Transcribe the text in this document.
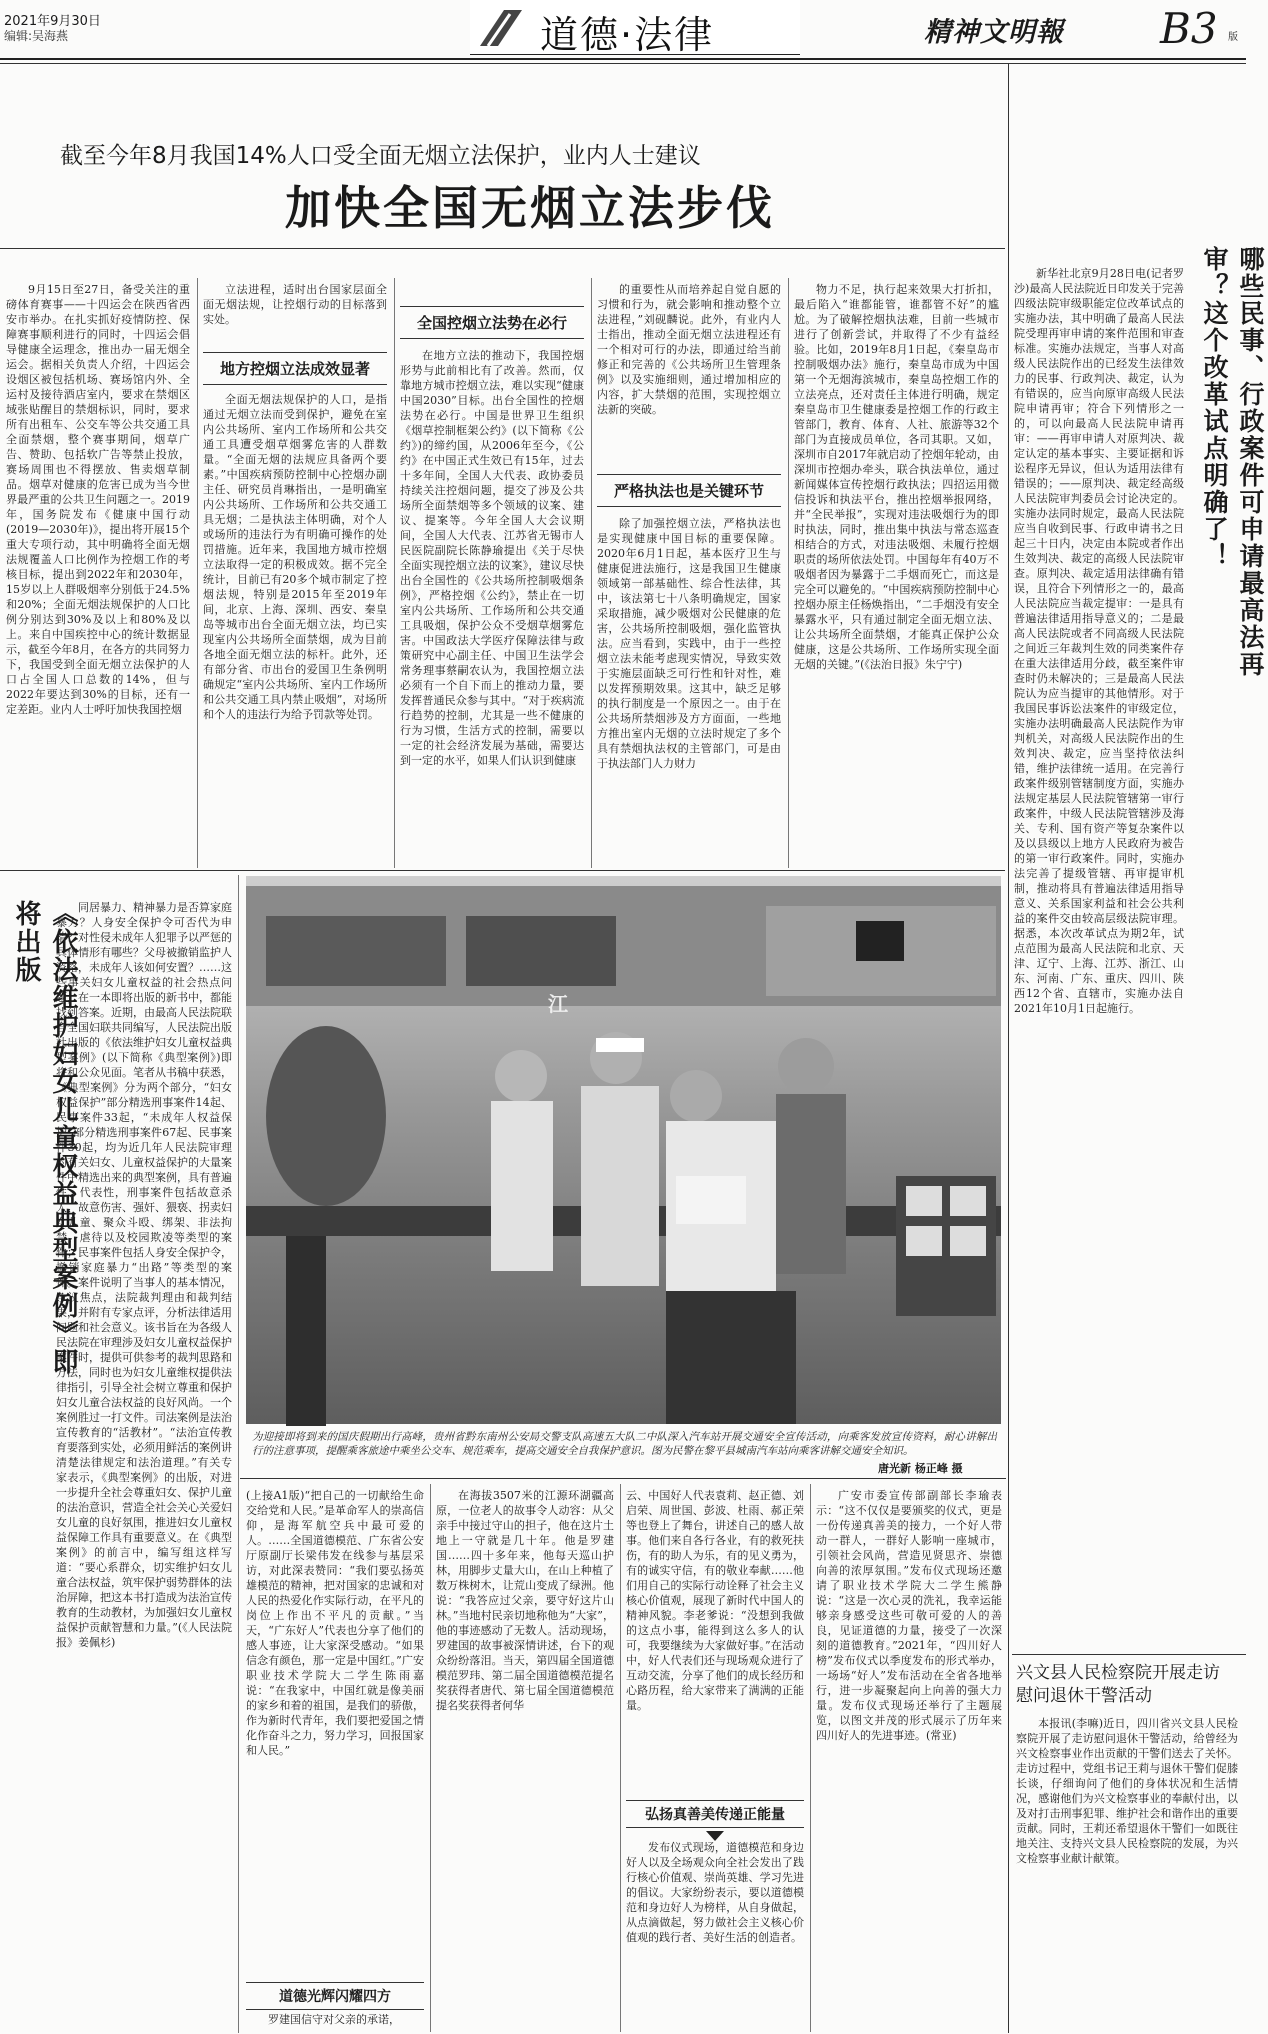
2021年9月30日
编辑:吴海燕	道德·法律	精神文明報 B3 版
截至今年8月我国14%人口受全面无烟立法保护，业内人士建议
加快全国无烟立法步伐
9月15日至27日，备受关注的重磅体育赛事——十四运会在陕西省西安市举办。在扎实抓好疫情防控、保障赛事顺利进行的同时，十四运会倡导健康全运理念，推出办一届无烟全运会。据相关负责人介绍，十四运会设烟区被包括机场、赛场馆内外、全运村及接待酒店室内，要求在禁烟区域张贴醒目的禁烟标识，同时，要求所有出租车、公交车等公共交通工具全面禁烟，整个赛事期间，烟草广告、赞助、包括软广告等禁止投放，赛场周围也不得摆放、售卖烟草制品。烟草对健康的危害已成为当今世界最严重的公共卫生问题之一。2019年，国务院发布《健康中国行动(2019—2030年)》，提出将开展15个重大专项行动，其中明确将全面无烟法规覆盖人口比例作为控烟工作的考核目标，提出到2022年和2030年，15岁以上人群吸烟率分别低于24.5%和20%；全面无烟法规保护的人口比例分别达到30%及以上和80%及以上。来自中国疾控中心的统计数据显示，截至今年8月，在各方的共同努力下，我国受到全面无烟立法保护的人口占全国人口总数的14%，但与2022年要达到30%的目标，还有一定差距。业内人士呼吁加快我国控烟
立法进程，适时出台国家层面全面无烟法规，让控烟行动的目标落到实处。
地方控烟立法成效显著
全面无烟法规保护的人口，是指通过无烟立法而受到保护，避免在室内公共场所、室内工作场所和公共交通工具遭受烟草烟雾危害的人群数量。“全面无烟的法规应具备两个要素。”中国疾病预防控制中心控烟办副主任、研究员肖琳指出，一是明确室内公共场所、工作场所和公共交通工具无烟；二是执法主体明确，对个人或场所的违法行为有明确可操作的处罚措施。近年来，我国地方城市控烟立法取得一定的积极成效。据不完全统计，目前已有20多个城市制定了控烟法规，特别是2015年至2019年间，北京、上海、深圳、西安、秦皇岛等城市出台全面无烟立法，均已实现室内公共场所全面禁烟，成为目前各地全面无烟立法的标杆。此外，还有部分省、市出台的爱国卫生条例明确规定“室内公共场所、室内工作场所和公共交通工具内禁止吸烟”，对场所和个人的违法行为给予罚款等处罚。
全国控烟立法势在必行
在地方立法的推动下，我国控烟形势与此前相比有了改善。然而，仅靠地方城市控烟立法，难以实现“健康中国2030”目标。出台全国性的控烟法势在必行。中国是世界卫生组织《烟草控制框架公约》(以下简称《公约》)的缔约国，从2006年至今，《公约》在中国正式生效已有15年，过去十多年间，全国人大代表、政协委员持续关注控烟问题，提交了涉及公共场所全面禁烟等多个领域的议案、建议、提案等。今年全国人大会议期间，全国人大代表、江苏省无锡市人民医院副院长陈静瑜提出《关于尽快全面实现控烟立法的议案》，建议尽快出台全国性的《公共场所控制吸烟条例》，严格控烟《公约》，禁止在一切室内公共场所、工作场所和公共交通工具吸烟，保护公众不受烟草烟雾危害。中国政法大学医疗保障法律与政策研究中心副主任、中国卫生法学会常务理事蔡嗣农认为，我国控烟立法必须有一个自下而上的推动力量，要发挥普通民众参与其中。“对于疾病流行趋势的控制，尤其是一些不健康的行为习惯，生活方式的控制，需要以一定的社会经济发展为基础，需要达到一定的水平，如果人们认识到健康
的重要性从而培养起自觉自愿的习惯和行为，就会影响和推动整个立法进程，”刘砚麟说。此外，有业内人士指出，推动全面无烟立法进程还有一个相对可行的办法，即通过给当前修正和完善的《公共场所卫生管理条例》以及实施细则，通过增加相应的内容，扩大禁烟的范围，实现控烟立法新的突破。
严格执法也是关键环节
除了加强控烟立法，严格执法也是实现健康中国目标的重要保障。2020年6月1日起，基本医疗卫生与健康促进法施行，这是我国卫生健康领域第一部基础性、综合性法律，其中，该法第七十八条明确规定，国家采取措施，减少吸烟对公民健康的危害，公共场所控制吸烟，强化监管执法。应当看到，实践中，由于一些控烟立法未能考虑现实情况，导致实效于实施层面缺乏可行性和针对性，难以发挥预期效果。这其中，缺乏足够的执行制度是一个原因之一。由于在公共场所禁烟涉及方方面面，一些地方推出室内无烟的立法时规定了多个具有禁烟执法权的主管部门，可是由于执法部门人力财力
物力不足，执行起来效果大打折扣，最后陷入“谁都能管，谁都管不好”的尴尬。为了破解控烟执法难，目前一些城市进行了创新尝试，并取得了不少有益经验。比如，2019年8月1日起，《秦皇岛市控制吸烟办法》施行，秦皇岛市成为中国第一个无烟海滨城市，秦皇岛控烟工作的立法亮点，还对责任主体进行明确，规定秦皇岛市卫生健康委是控烟工作的行政主管部门，教育、体育、人社、旅游等32个部门为直接成员单位，各司其职。又如，深圳市自2017年就启动了控烟年轮动，由深圳市控烟办牵头，联合执法单位，通过新闻媒体宣传控烟行政执法；四招运用微信投诉和执法平台，推出控烟举报网络，并“全民举报”，实现对违法吸烟行为的即时执法，同时，推出集中执法与常态巡查相结合的方式，对违法吸烟、未履行控烟职责的场所依法处罚。中国每年有40万不吸烟者因为暴露于二手烟而死亡，而这是完全可以避免的。“中国疾病预防控制中心控烟办原主任杨焕指出，“二手烟没有安全暴露水平，只有通过制定全面无烟立法、让公共场所全面禁烟，才能真正保护公众健康，这是公共场所、工作场所实现全面无烟的关键。”(《法治日报》朱宁宁)	哪些民事、行政案件可申请最高法再审？这个改革试点明确了！
新华社北京9月28日电(记者罗沙)最高人民法院近日印发关于完善四级法院审级职能定位改革试点的实施办法，其中明确了最高人民法院受理再审申请的案件范围和审查标准。实施办法规定，当事人对高级人民法院作出的已经发生法律效力的民事、行政判决、裁定，认为有错误的，应当向原审高级人民法院申请再审；符合下列情形之一的，可以向最高人民法院申请再审：——再审申请人对原判决、裁定认定的基本事实、主要证据和诉讼程序无异议，但认为适用法律有错误的；——原判决、裁定经高级人民法院审判委员会讨论决定的。实施办法同时规定，最高人民法院应当自收到民事、行政申请书之日起三十日内，决定由本院或者作出生效判决、裁定的高级人民法院审查。原判决、裁定适用法律确有错误，且符合下列情形之一的，最高人民法院应当裁定提审：一是具有普遍法律适用指导意义的；二是最高人民法院或者不同高级人民法院之间近三年裁判生效的同类案件存在重大法律适用分歧，截至案件审查时仍未解决的；三是最高人民法院认为应当提审的其他情形。对于我国民事诉讼法案件的审级定位，实施办法明确最高人民法院作为审判机关，对高级人民法院作出的生效判决、裁定，应当坚持依法纠错，维护法律统一适用。在完善行政案件级别管辖制度方面，实施办法规定基层人民法院管辖第一审行政案件，中级人民法院管辖涉及海关、专利、国有资产等复杂案件以及以县级以上地方人民政府为被告的第一审行政案件。同时，实施办法完善了提级管辖、再审提审机制，推动将具有普遍法律适用指导意义、关系国家利益和社会公共利益的案件交由较高层级法院审理。据悉，本次改革试点为期2年，试点范围为最高人民法院和北京、天津、辽宁、上海、江苏、浙江、山东、河南、广东、重庆、四川、陕西12个省、直辖市，实施办法自2021年10月1日起施行。
兴文县人民检察院开展走访慰问退休干警活动
本报讯(李嘛)近日，四川省兴文县人民检察院开展了走访慰问退休干警活动，给曾经为兴文检察事业作出贡献的干警们送去了关怀。走访过程中，党组书记王莉与退休干警们促膝长谈，仔细询问了他们的身体状况和生活情况，感谢他们为兴文检察事业的奉献付出，以及对打击刑事犯罪、维护社会和谐作出的重要贡献。同时，王莉还希望退休干警们一如既往地关注、支持兴文县人民检察院的发展，为兴文检察事业献计献策。
《依法维护妇女儿童权益典型案例》即将出版	同居暴力、精神暴力是否算家庭暴力？人身安全保护令可否代为申请？对性侵未成年人犯罪予以严惩的具体情形有哪些？父母被撤销监护人资格，未成年人该如何安置？……这些事关妇女儿童权益的社会热点问题，在一本即将出版的新书中，都能找到答案。近期，由最高人民法院联合全国妇联共同编写，人民法院出版社出版的《依法维护妇女儿童权益典型案例》(以下简称《典型案例》)即将和公众见面。笔者从书稿中获悉，《典型案例》分为两个部分，“妇女权益保护”部分精选刑事案件14起、民事案件33起，“未成年人权益保护”部分精选刑事案件67起、民事案件30起，均为近几年人民法院审理的有关妇女、儿童权益保护的大量案件中精选出来的典型案例，具有普遍性、代表性，刑事案件包括故意杀人、故意伤害、强奸、猥亵、拐卖妇女儿童、聚众斗殴、绑架、非法拘禁、虐待以及校园欺凌等类型的案件；民事案件包括人身安全保护令，撤销家庭暴力“出路”等类型的案件。案件说明了当事人的基本情况，争议焦点，法院裁判理由和裁判结果，并附有专家点评，分析法律适用问题和社会意义。该书旨在为各级人民法院在审理涉及妇女儿童权益保护案件时，提供可供参考的裁判思路和方法，同时也为妇女儿童维权提供法律指引，引导全社会树立尊重和保护妇女儿童合法权益的良好风尚。一个案例胜过一打文件。司法案例是法治宣传教育的“活教材”。“法治宣传教育要落到实处，必须用鲜活的案例讲清楚法律规定和法治道理。”有关专家表示，《典型案例》的出版，对进一步提升全社会尊重妇女、保护儿童的法治意识，营造全社会关心关爱妇女儿童的良好氛围，推进妇女儿童权益保障工作具有重要意义。在《典型案例》的前言中，编写组这样写道：“要心系群众，切实维护妇女儿童合法权益，筑牢保护弱势群体的法治屏障，把这本书打造成为法治宣传教育的生动教材，为加强妇女儿童权益保护贡献智慧和力量。”(《人民法院报》姜佩杉)
江
为迎接即将到来的国庆假期出行高峰，贵州省黔东南州公安局交警支队高速五大队二中队深入汽车站开展交通安全宣传活动，向乘客发放宣传资料，耐心讲解出行的注意事项，提醒乘客旅途中乘坐公交车、规范乘车，提高交通安全自我保护意识。图为民警在黎平县城南汽车站向乘客讲解交通安全知识。
唐光新 杨正峰 摄
(上接A1版)“把自己的一切献给生命交给党和人民。”是革命军人的崇高信仰，是海军航空兵中最可爱的人。……全国道德模范、广东省公安厅原副厅长梁伟发在线参与基层采访，对此深表赞同：“我们要弘扬英雄模范的精神，把对国家的忠诚和对人民的热爱化作实际行动，在平凡的岗位上作出不平凡的贡献。”当天，“广东好人”代表也分享了他们的感人事迹，让大家深受感动。“如果信念有颜色，那一定是中国红。”广安职业技术学院大二学生陈雨嘉说：“在我家中，中国红就是像美丽的家乡和着的祖国，是我们的骄傲，作为新时代青年，我们要把爱国之情化作奋斗之力，努力学习，回报国家和人民。”
道德光辉闪耀四方
罗建国信守对父亲的承诺，
在海拔3507米的江源环湖疆高原，一位老人的故事令人动容：从父亲手中接过守山的担子，他在这片土地上一守就是几十年。他是罗建国……四十多年来，他每天巡山护林，用脚步丈量大山，在山上种植了数万株树木，让荒山变成了绿洲。他说：“我答应过父亲，要守好这片山林。”当地村民亲切地称他为“大家”，他的事迹感动了无数人。活动现场，罗建国的故事被深情讲述，台下的观众纷纷落泪。当天，第四届全国道德模范罗玮、第二届全国道德模范提名奖获得者唐代、第七届全国道德模范提名奖获得者何华
云、中国好人代表袁莉、赵正德、刘启荣、周世国、彭波、杜雨、郝正荣等也登上了舞台，讲述自己的感人故事。他们来自各行各业，有的救死扶伤，有的助人为乐，有的见义勇为，有的诚实守信，有的敬业奉献……他们用自己的实际行动诠释了社会主义核心价值观，展现了新时代中国人的精神风貌。李老爹说：“没想到我做的这点小事，能得到这么多人的认可，我要继续为大家做好事。”在活动中，好人代表们还与现场观众进行了互动交流，分享了他们的成长经历和心路历程，给大家带来了满满的正能量。
弘扬真善美传递正能量
发布仪式现场，道德模范和身边好人以及全场观众向全社会发出了践行核心价值观、崇尚英雄、学习先进的倡议。大家纷纷表示，要以道德模范和身边好人为榜样，从自身做起，从点滴做起，努力做社会主义核心价值观的践行者、美好生活的创造者。
广安市委宣传部副部长李瑜表示：“这不仅仅是要颁奖的仪式，更是一份传递真善美的接力，一个好人带动一群人，一群好人影响一座城市，引领社会风尚，营造见贤思齐、崇德向善的浓厚氛围。”发布仪式现场还邀请了职业技术学院大二学生熊静说：“这是一次心灵的洗礼，我幸运能够亲身感受这些可敬可爱的人的善良，见证道德的力量，接受了一次深刻的道德教育。”2021年，“四川好人榜”发布仪式以季度发布的形式举办，一场场“好人”发布活动在全省各地举行，进一步凝聚起向上向善的强大力量。发布仪式现场还举行了主题展览，以图文并茂的形式展示了历年来四川好人的先进事迹。(常亚)
